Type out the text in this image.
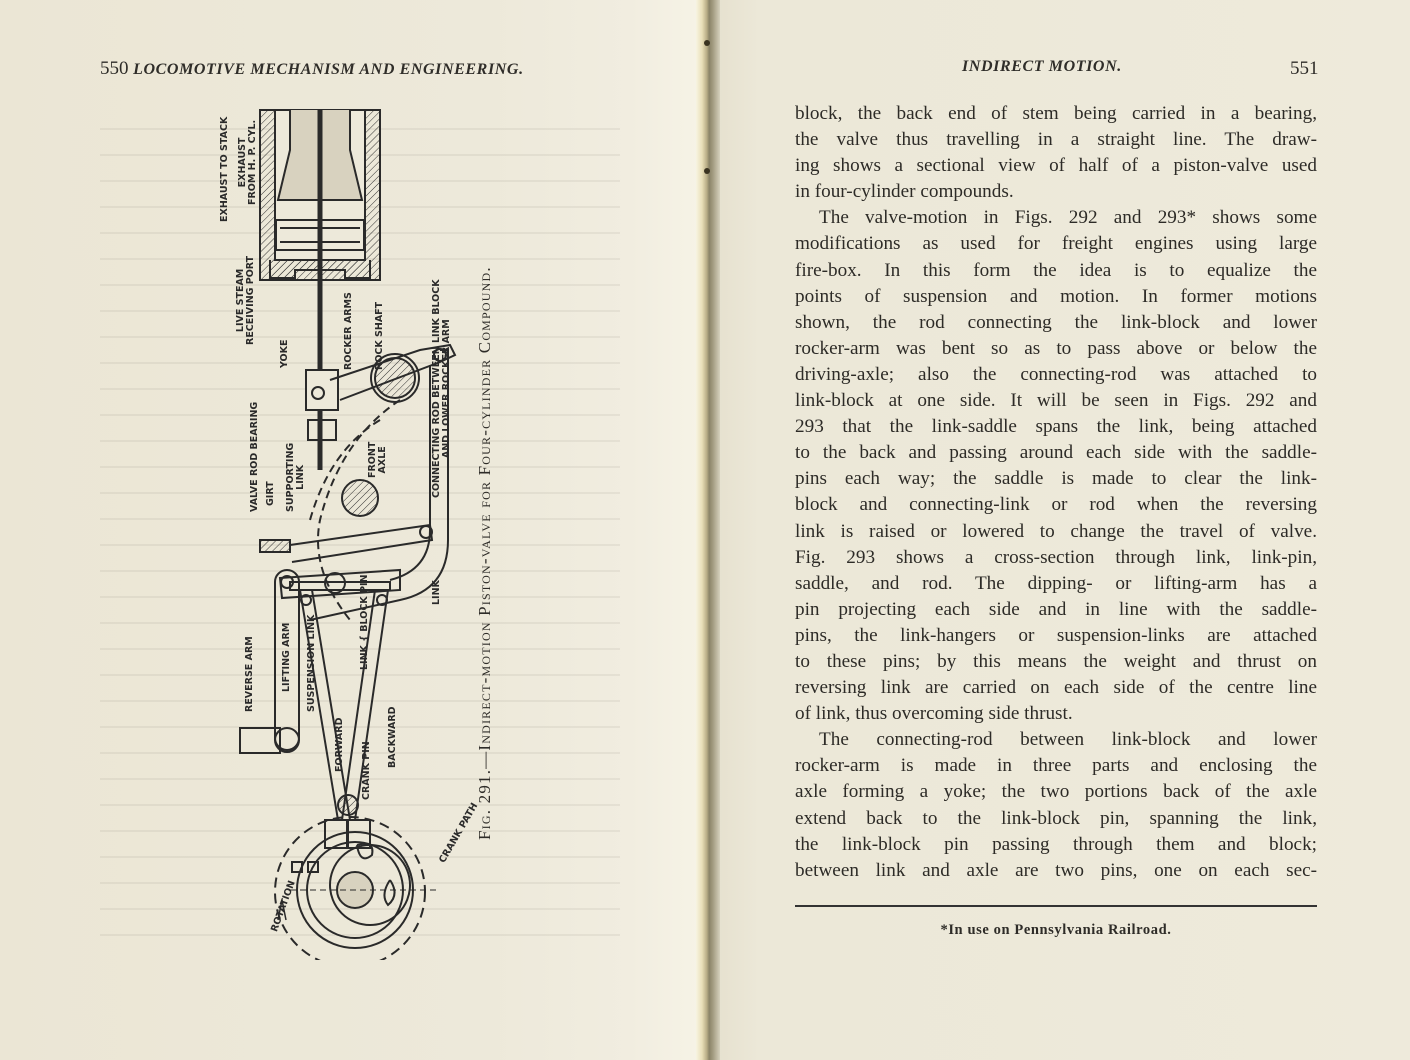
550 LOCOMOTIVE MECHANISM AND ENGINEERING.	INDIRECT MOTION.	551
EXHAUST TO STACK EXHAUST FROM H. P. CYL.
LIVE STEAM RECEIVING PORT
YOKE	ROCKER ARMS ROCK SHAFT	CONNECTING ROD BETWEEN LINK BLOCK AND LOWER ROCKER ARM
VALVE ROD BEARING GIRT SUPPORTING LINK	FRONT AXLE
REVERSE ARM	LIFTING ARM SUSPENSION LINK
FORWARD CRANK PIN
LINK { BLOCK PIN
BACKWARD
LINK
CRANK PATH
ROTATION
Fig. 291.—Indirect-motion Piston-valve for Four-cylinder Compound.
block, the back end of stem being carried in a bearing,
the valve thus travelling in a straight line. The draw-
ing shows a sectional view of half of a piston-valve used
in four-cylinder compounds.
The valve-motion in Figs. 292 and 293* shows some
modifications as used for freight engines using large
fire-box. In this form the idea is to equalize the
points of suspension and motion. In former motions
shown, the rod connecting the link-block and lower
rocker-arm was bent so as to pass above or below the
driving-axle; also the connecting-rod was attached to
link-block at one side. It will be seen in Figs. 292 and
293 that the link-saddle spans the link, being attached
to the back and passing around each side with the saddle-
pins each way; the saddle is made to clear the link-
block and connecting-link or rod when the reversing
link is raised or lowered to change the travel of valve.
Fig. 293 shows a cross-section through link, link-pin,
saddle, and rod. The dipping- or lifting-arm has a
pin projecting each side and in line with the saddle-
pins, the link-hangers or suspension-links are attached
to these pins; by this means the weight and thrust on
reversing link are carried on each side of the centre line
of link, thus overcoming side thrust.
The connecting-rod between link-block and lower
rocker-arm is made in three parts and enclosing the
axle forming a yoke; the two portions back of the axle
extend back to the link-block pin, spanning the link,
the link-block pin passing through them and block;
between link and axle are two pins, one on each sec-
*In use on Pennsylvania Railroad.
